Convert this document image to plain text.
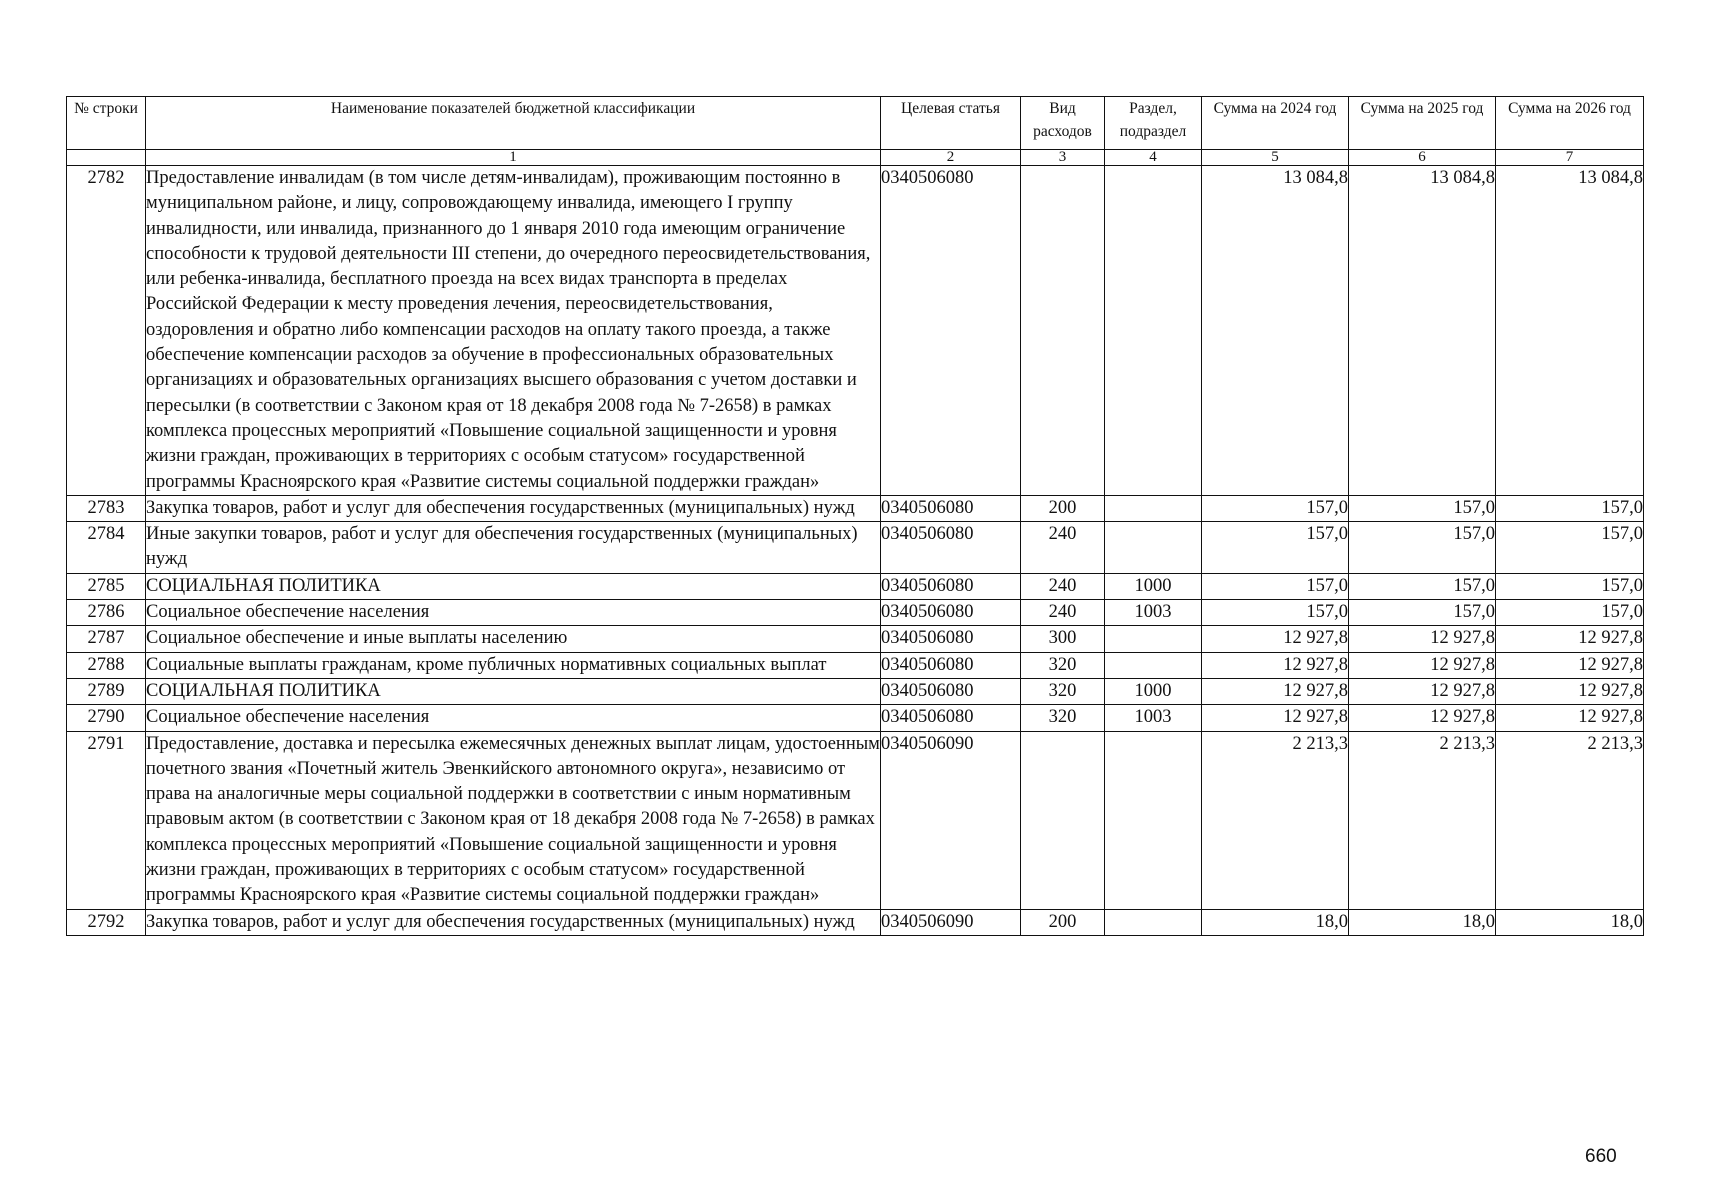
№ строки	Наименование показателей бюджетной классификации	Целевая статья	Вид расходов	Раздел, подраздел	Сумма на 2024 год	Сумма на 2025 год	Сумма на 2026 год
	1	2	3	4	5	6	7
2782	Предоставление инвалидам (в том числе детям-инвалидам), проживающим постоянно в муниципальном районе, и лицу, сопровождающему инвалида, имеющего I группу инвалидности, или инвалида, признанного до 1 января 2010 года имеющим ограничение способности к трудовой деятельности III степени, до очередного переосвидетельствования, или ребенка-инвалида, бесплатного проезда на всех видах транспорта в пределах Российской Федерации к месту проведения лечения, переосвидетельствования, оздоровления и обратно либо компенсации расходов на оплату такого проезда, а также обеспечение компенсации расходов за обучение в профессиональных образовательных организациях и образовательных организациях высшего образования с учетом доставки и пересылки (в соответствии с Законом края от 18 декабря 2008 года № 7-2658) в рамках комплекса процессных мероприятий «Повышение социальной защищенности и уровня жизни граждан, проживающих в территориях с особым статусом» государственной программы Красноярского края «Развитие системы социальной поддержки граждан»	0340506080			13 084,8	13 084,8	13 084,8
2783	Закупка товаров, работ и услуг для обеспечения государственных (муниципальных) нужд	0340506080	200		157,0	157,0	157,0
2784	Иные закупки товаров, работ и услуг для обеспечения государственных (муниципальных) нужд	0340506080	240		157,0	157,0	157,0
2785	СОЦИАЛЬНАЯ ПОЛИТИКА	0340506080	240	1000	157,0	157,0	157,0
2786	Социальное обеспечение населения	0340506080	240	1003	157,0	157,0	157,0
2787	Социальное обеспечение и иные выплаты населению	0340506080	300		12 927,8	12 927,8	12 927,8
2788	Социальные выплаты гражданам, кроме публичных нормативных социальных выплат	0340506080	320		12 927,8	12 927,8	12 927,8
2789	СОЦИАЛЬНАЯ ПОЛИТИКА	0340506080	320	1000	12 927,8	12 927,8	12 927,8
2790	Социальное обеспечение населения	0340506080	320	1003	12 927,8	12 927,8	12 927,8
2791	Предоставление, доставка и пересылка ежемесячных денежных выплат лицам, удостоенным почетного звания «Почетный житель Эвенкийского автономного округа», независимо от права на аналогичные меры социальной поддержки в соответствии с иным нормативным правовым актом (в соответствии с Законом края от 18 декабря 2008 года № 7-2658) в рамках комплекса процессных мероприятий «Повышение социальной защищенности и уровня жизни граждан, проживающих в территориях с особым статусом» государственной программы Красноярского края «Развитие системы социальной поддержки граждан»	0340506090			2 213,3	2 213,3	2 213,3
2792	Закупка товаров, работ и услуг для обеспечения государственных (муниципальных) нужд	0340506090	200		18,0	18,0	18,0
660
